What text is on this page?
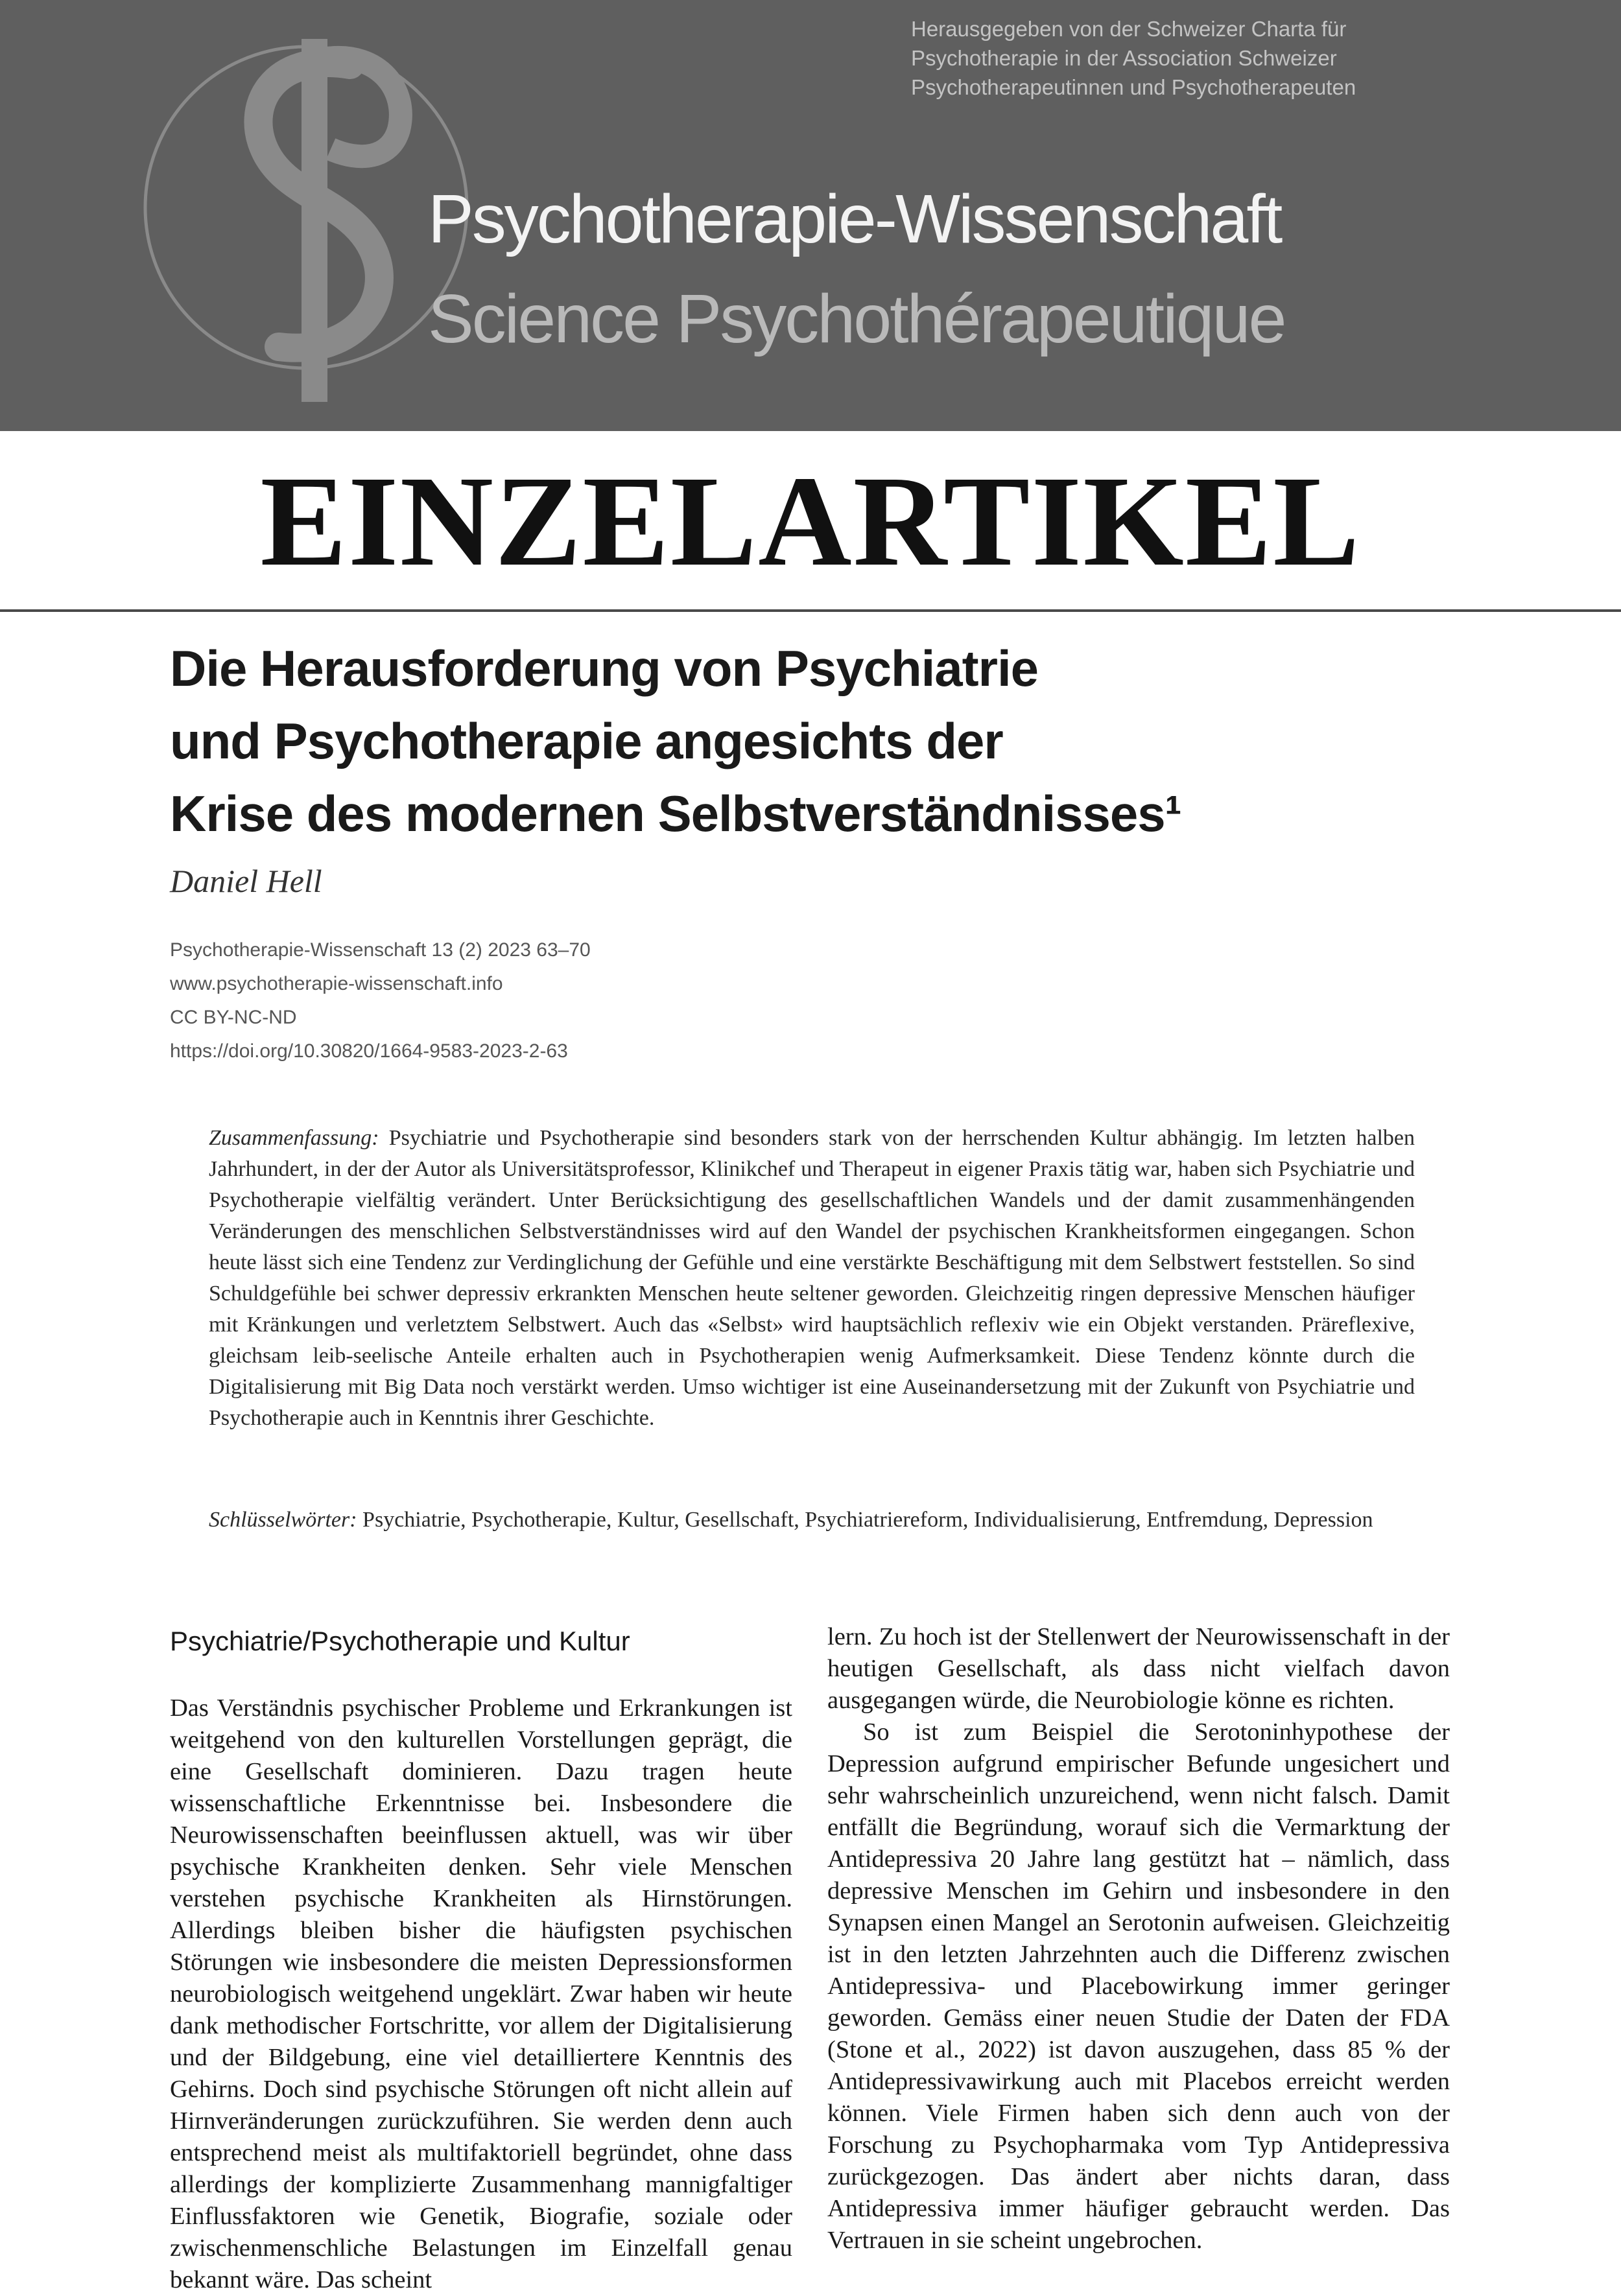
Herausgegeben von der Schweizer Charta für
Psychotherapie in der Association Schweizer
Psychotherapeutinnen und Psychotherapeuten
Psychotherapie-Wissenschaft
Science Psychothérapeutique
EINZELARTIKEL
Die Herausforderung von Psychiatrie
und Psychotherapie angesichts der
Krise des modernen Selbstverständnisses¹
Daniel Hell
Psychotherapie-Wissenschaft 13 (2) 2023 63–70
www.psychotherapie-wissenschaft.info
CC BY-NC-ND
https://doi.org/10.30820/1664-9583-2023-2-63
Zusammenfassung: Psychiatrie und Psychotherapie sind besonders stark von der herrschenden Kultur abhängig. Im letzten halben Jahrhundert, in der der Autor als Universitätsprofessor, Klinikchef und Therapeut in eigener Praxis tätig war, haben sich Psychiatrie und Psychotherapie vielfältig verändert. Unter Berücksichtigung des gesellschaftlichen Wandels und der damit zusammenhängenden Veränderungen des menschlichen Selbstverständnisses wird auf den Wandel der psychischen Krankheitsformen eingegangen. Schon heute lässt sich eine Tendenz zur Verdinglichung der Gefühle und eine verstärkte Beschäftigung mit dem Selbstwert feststellen. So sind Schuldgefühle bei schwer depressiv erkrankten Menschen heute seltener geworden. Gleichzeitig ringen depressive Menschen häufiger mit Kränkungen und verletztem Selbstwert. Auch das «Selbst» wird hauptsächlich reflexiv wie ein Objekt verstanden. Präreflexive, gleichsam leib-seelische Anteile erhalten auch in Psychotherapien wenig Aufmerksamkeit. Diese Tendenz könnte durch die Digitalisierung mit Big Data noch verstärkt werden. Umso wichtiger ist eine Auseinandersetzung mit der Zukunft von Psychiatrie und Psychotherapie auch in Kenntnis ihrer Geschichte.
Schlüsselwörter: Psychiatrie, Psychotherapie, Kultur, Gesellschaft, Psychiatriereform, Individualisierung, Entfremdung, Depression
Psychiatrie/Psychotherapie und Kultur

Das Verständnis psychischer Probleme und Erkrankungen ist weitgehend von den kulturellen Vorstellungen geprägt, die eine Gesellschaft dominieren. Dazu tragen heute wissenschaftliche Erkenntnisse bei. Insbesondere die Neurowissenschaften beeinflussen aktuell, was wir über psychische Krankheiten denken. Sehr viele Menschen verstehen psychische Krankheiten als Hirnstörungen. Allerdings bleiben bisher die häufigsten psychischen Störungen wie insbesondere die meisten Depressionsformen neurobiologisch weitgehend ungeklärt. Zwar haben wir heute dank methodischer Fortschritte, vor allem der Digitalisierung und der Bildgebung, eine viel detailliertere Kenntnis des Gehirns. Doch sind psychische Störungen oft nicht allein auf Hirnveränderungen zurückzuführen. Sie werden denn auch entsprechend meist als multifaktoriell begründet, ohne dass allerdings der komplizierte Zusammenhang mannigfaltiger Einflussfaktoren wie Genetik, Biografie, soziale oder zwischenmenschliche Belastungen im Einzelfall genau bekannt wäre. Das scheint

lern. Zu hoch ist der Stellenwert der Neurowissenschaft in der heutigen Gesellschaft, als dass nicht vielfach davon ausgegangen würde, die Neurobiologie könne es richten.

So ist zum Beispiel die Serotoninhypothese der Depression aufgrund empirischer Befunde ungesichert und sehr wahrscheinlich unzureichend, wenn nicht falsch. Damit entfällt die Begründung, worauf sich die Vermarktung der Antidepressiva 20 Jahre lang gestützt hat – nämlich, dass depressive Menschen im Gehirn und insbesondere in den Synapsen einen Mangel an Serotonin aufweisen. Gleichzeitig ist in den letzten Jahrzehnten auch die Differenz zwischen Antidepressiva- und Placebowirkung immer geringer geworden. Gemäss einer neuen Studie der Daten der FDA (Stone et al., 2022) ist davon auszugehen, dass 85 % der Antidepressivawirkung auch mit Placebos erreicht werden können. Viele Firmen haben sich denn auch von der Forschung zu Psychopharmaka vom Typ Antidepressiva zurückgezogen. Das ändert aber nichts daran, dass Antidepressiva immer häufiger gebraucht werden. Das Vertrauen in sie scheint ungebrochen.
